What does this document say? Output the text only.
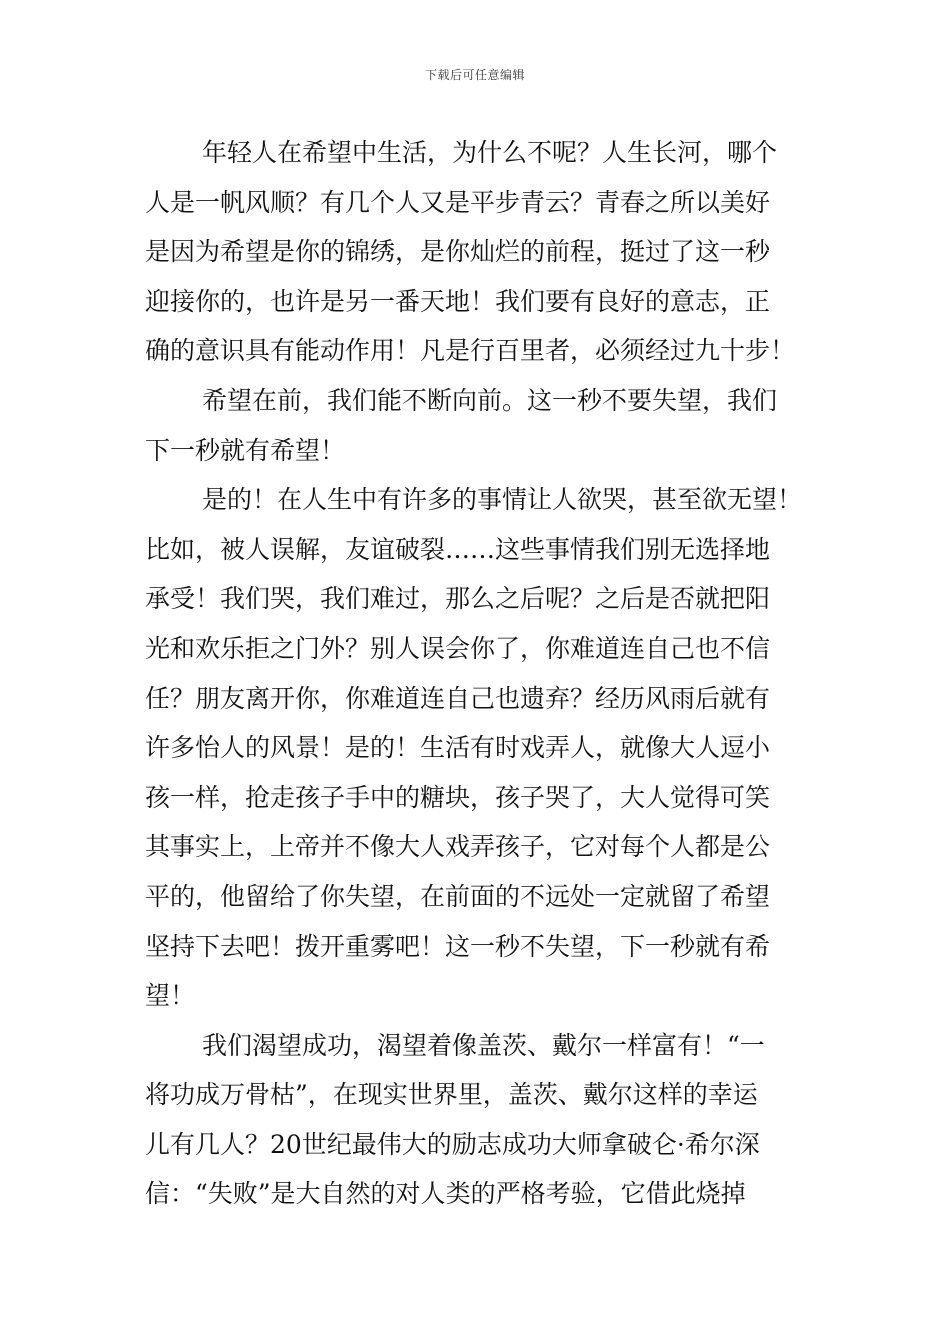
下载后可任意编辑
年轻人在希望中生活，为什么不呢？人生长河，哪个
人是一帆风顺？有几个人又是平步青云？青春之所以美好
是因为希望是你的锦绣，是你灿烂的前程，挺过了这一秒
迎接你的，也许是另一番天地！我们要有良好的意志，正
确的意识具有能动作用！凡是行百里者，必须经过九十步！
希望在前，我们能不断向前。这一秒不要失望，我们
下一秒就有希望！
是的！在人生中有许多的事情让人欲哭，甚至欲无望！
比如，被人误解，友谊破裂……这些事情我们别无选择地
承受！我们哭，我们难过，那么之后呢？之后是否就把阳
光和欢乐拒之门外？别人误会你了，你难道连自己也不信
任？朋友离开你，你难道连自己也遗弃？经历风雨后就有
许多怡人的风景！是的！生活有时戏弄人，就像大人逗小
孩一样，抢走孩子手中的糖块，孩子哭了，大人觉得可笑
其事实上，上帝并不像大人戏弄孩子，它对每个人都是公
平的，他留给了你失望，在前面的不远处一定就留了希望
坚持下去吧！拨开重雾吧！这一秒不失望，下一秒就有希
望！
我们渴望成功，渴望着像盖茨、戴尔一样富有！“一
将功成万骨枯”，在现实世界里，盖茨、戴尔这样的幸运
儿有几人？20世纪最伟大的励志成功大师拿破仑·希尔深
信：“失败”是大自然的对人类的严格考验，它借此烧掉
